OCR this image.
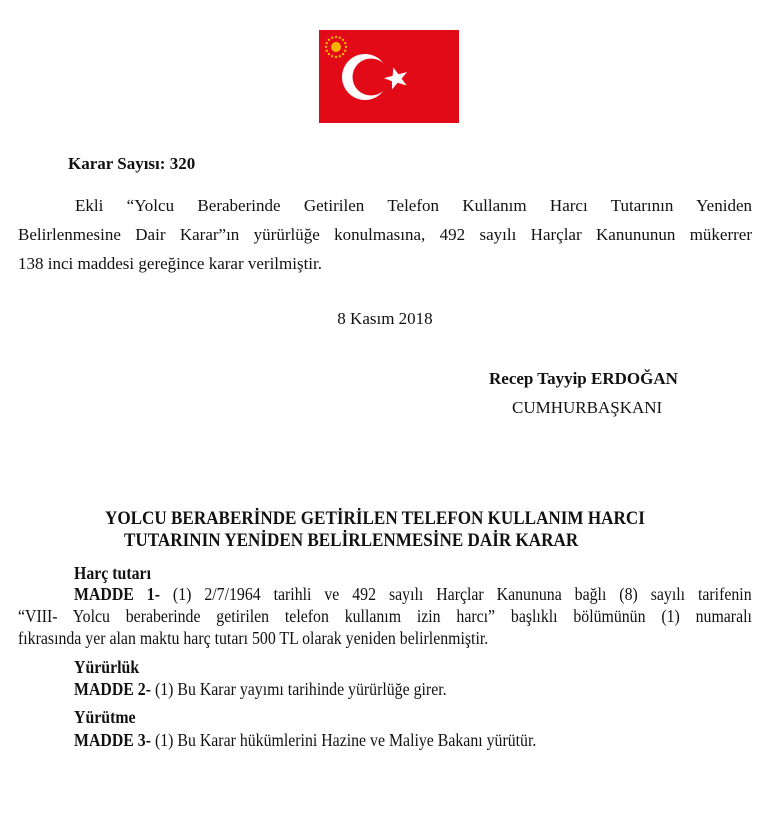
Karar Sayısı: 320
Ekli “Yolcu Beraberinde Getirilen Telefon Kullanım Harcı Tutarının Yeniden
Belirlenmesine Dair Karar”ın yürürlüğe konulmasına, 492 sayılı Harçlar Kanununun mükerrer
138 inci maddesi gereğince karar verilmiştir.
8 Kasım 2018
Recep Tayyip ERDOĞAN
CUMHURBAŞKANI
YOLCU BERABERİNDE GETİRİLEN TELEFON KULLANIM HARCI
TUTARININ YENİDEN BELİRLENMESİNE DAİR KARAR
Harç tutarı
MADDE 1- (1) 2/7/1964 tarihli ve 492 sayılı Harçlar Kanununa bağlı (8) sayılı tarifenin
“VIII- Yolcu beraberinde getirilen telefon kullanım izin harcı” başlıklı bölümünün (1) numaralı
fıkrasında yer alan maktu harç tutarı 500 TL olarak yeniden belirlenmiştir.
Yürürlük
MADDE 2- (1) Bu Karar yayımı tarihinde yürürlüğe girer.
Yürütme
MADDE 3- (1) Bu Karar hükümlerini Hazine ve Maliye Bakanı yürütür.
